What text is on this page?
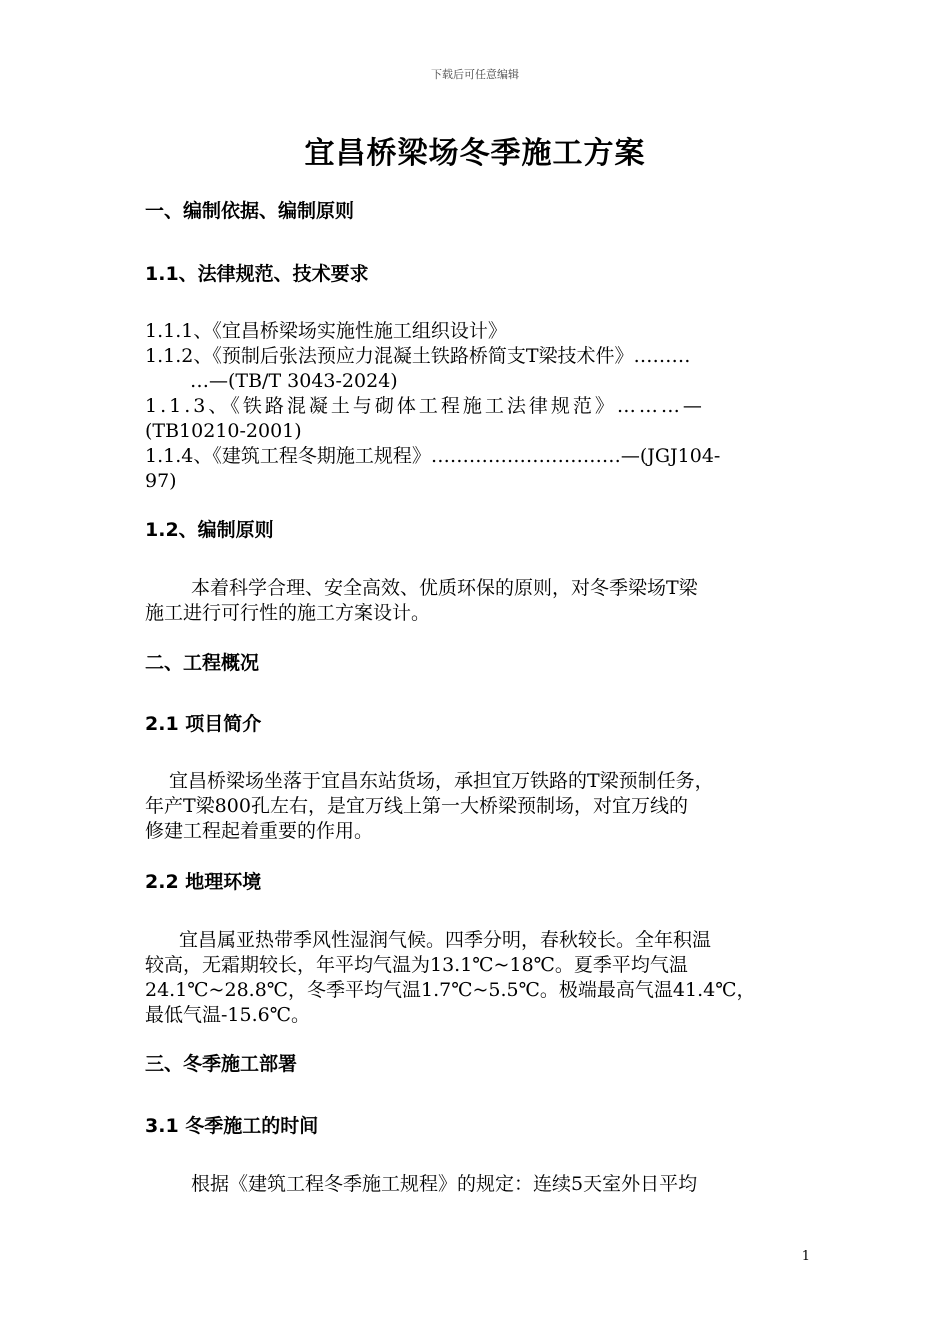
下载后可任意编辑
宜昌桥梁场冬季施工方案
一、编制依据、编制原则
1.1、法律规范、技术要求
1.1.1、《宜昌桥梁场实施性施工组织设计》
1.1.2、《预制后张法预应力混凝土铁路桥简支T梁技术件》………
…—(TB/T 3043-2024)
1.1.3、《铁路混凝土与砌体工程施工法律规范》………—
(TB10210-2001)
1.1.4、《建筑工程冬期施工规程》…………………………—(JGJ104-
97)
1.2、编制原则
本着科学合理、安全高效、优质环保的原则，对冬季梁场T梁
施工进行可行性的施工方案设计。
二、工程概况
2.1 项目简介
宜昌桥梁场坐落于宜昌东站货场，承担宜万铁路的T梁预制任务，
年产T梁800孔左右，是宜万线上第一大桥梁预制场，对宜万线的
修建工程起着重要的作用。
2.2 地理环境
宜昌属亚热带季风性湿润气候。四季分明，春秋较长。全年积温
较高，无霜期较长，年平均气温为13.1℃~18℃。夏季平均气温
24.1℃~28.8℃，冬季平均气温1.7℃~5.5℃。极端最高气温41.4℃，
最低气温-15.6℃。
三、冬季施工部署
3.1 冬季施工的时间
根据《建筑工程冬季施工规程》的规定：连续5天室外日平均
1
